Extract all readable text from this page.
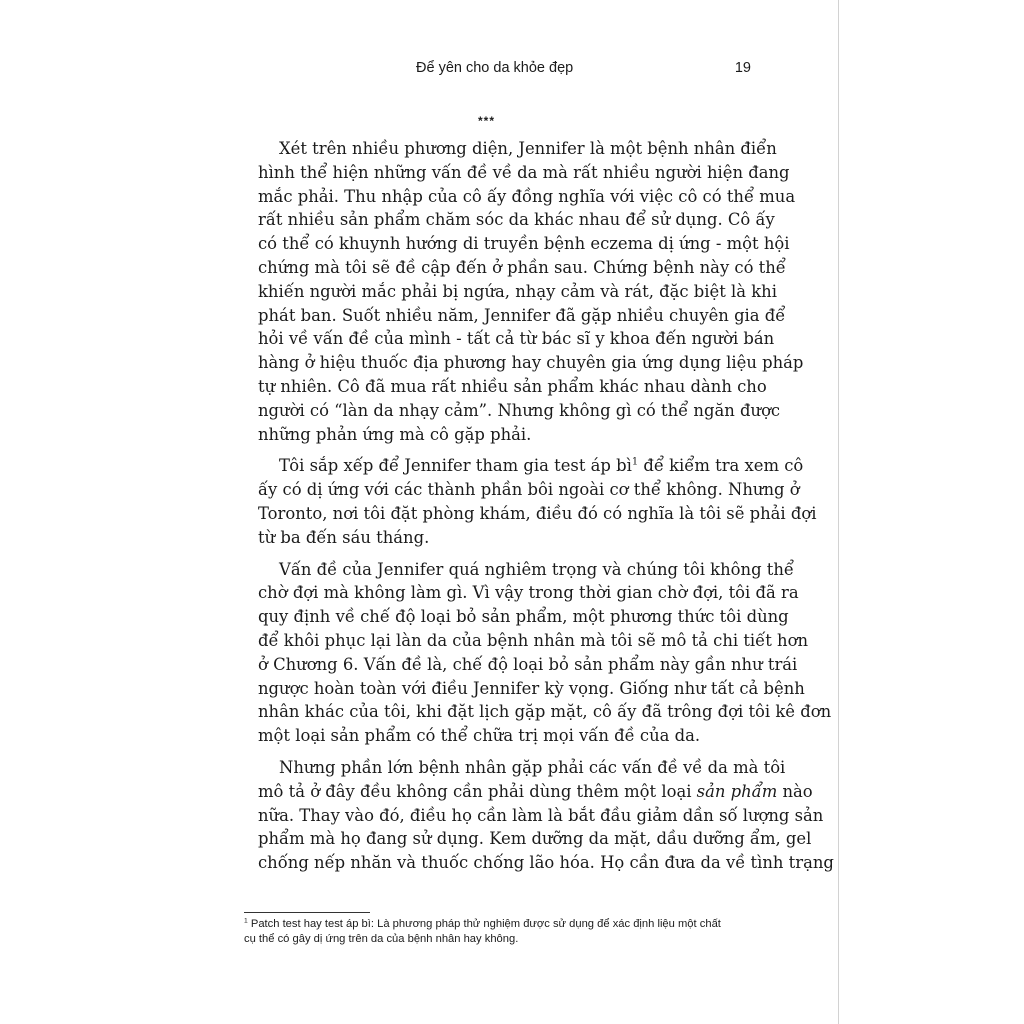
Để yên cho da khỏe đẹp	19
***
Xét trên nhiều phương diện, Jennifer là một bệnh nhân điển
hình thể hiện những vấn đề về da mà rất nhiều người hiện đang
mắc phải. Thu nhập của cô ấy đồng nghĩa với việc cô có thể mua
rất nhiều sản phẩm chăm sóc da khác nhau để sử dụng. Cô ấy
có thể có khuynh hướng di truyền bệnh eczema dị ứng - một hội
chứng mà tôi sẽ đề cập đến ở phần sau. Chứng bệnh này có thể
khiến người mắc phải bị ngứa, nhạy cảm và rát, đặc biệt là khi
phát ban. Suốt nhiều năm, Jennifer đã gặp nhiều chuyên gia để
hỏi về vấn đề của mình - tất cả từ bác sĩ y khoa đến người bán
hàng ở hiệu thuốc địa phương hay chuyên gia ứng dụng liệu pháp
tự nhiên. Cô đã mua rất nhiều sản phẩm khác nhau dành cho
người có “làn da nhạy cảm”. Nhưng không gì có thể ngăn được
những phản ứng mà cô gặp phải.
Tôi sắp xếp để Jennifer tham gia test áp $bì^1$ để kiểm tra xem cô
ấy có dị ứng với các thành phần bôi ngoài cơ thể không. Nhưng ở
Toronto, nơi tôi đặt phòng khám, điều đó có nghĩa là tôi sẽ phải đợi
từ ba đến sáu tháng.
Vấn đề của Jennifer quá nghiêm trọng và chúng tôi không thể
chờ đợi mà không làm gì. Vì vậy trong thời gian chờ đợi, tôi đã ra
quy định về chế độ loại bỏ sản phẩm, một phương thức tôi dùng
để khôi phục lại làn da của bệnh nhân mà tôi sẽ mô tả chi tiết hơn
ở Chương 6. Vấn đề là, chế độ loại bỏ sản phẩm này gần như trái
ngược hoàn toàn với điều Jennifer kỳ vọng. Giống như tất cả bệnh
nhân khác của tôi, khi đặt lịch gặp mặt, cô ấy đã trông đợi tôi kê đơn
một loại sản phẩm có thể chữa trị mọi vấn đề của da.
Nhưng phần lớn bệnh nhân gặp phải các vấn đề về da mà tôi
mô tả ở đây đều không cần phải dùng thêm một loại sản phẩm nào
nữa. Thay vào đó, điều họ cần làm là bắt đầu giảm dần số lượng sản
phẩm mà họ đang sử dụng. Kem dưỡng da mặt, dầu dưỡng ẩm, gel
chống nếp nhăn và thuốc chống lão hóa. Họ cần đưa da về tình trạng
$^1$ Patch test hay test áp bì: Là phương pháp thử nghiệm được sử dụng để xác định liệu một chất
cụ thể có gây dị ứng trên da của bệnh nhân hay không.
